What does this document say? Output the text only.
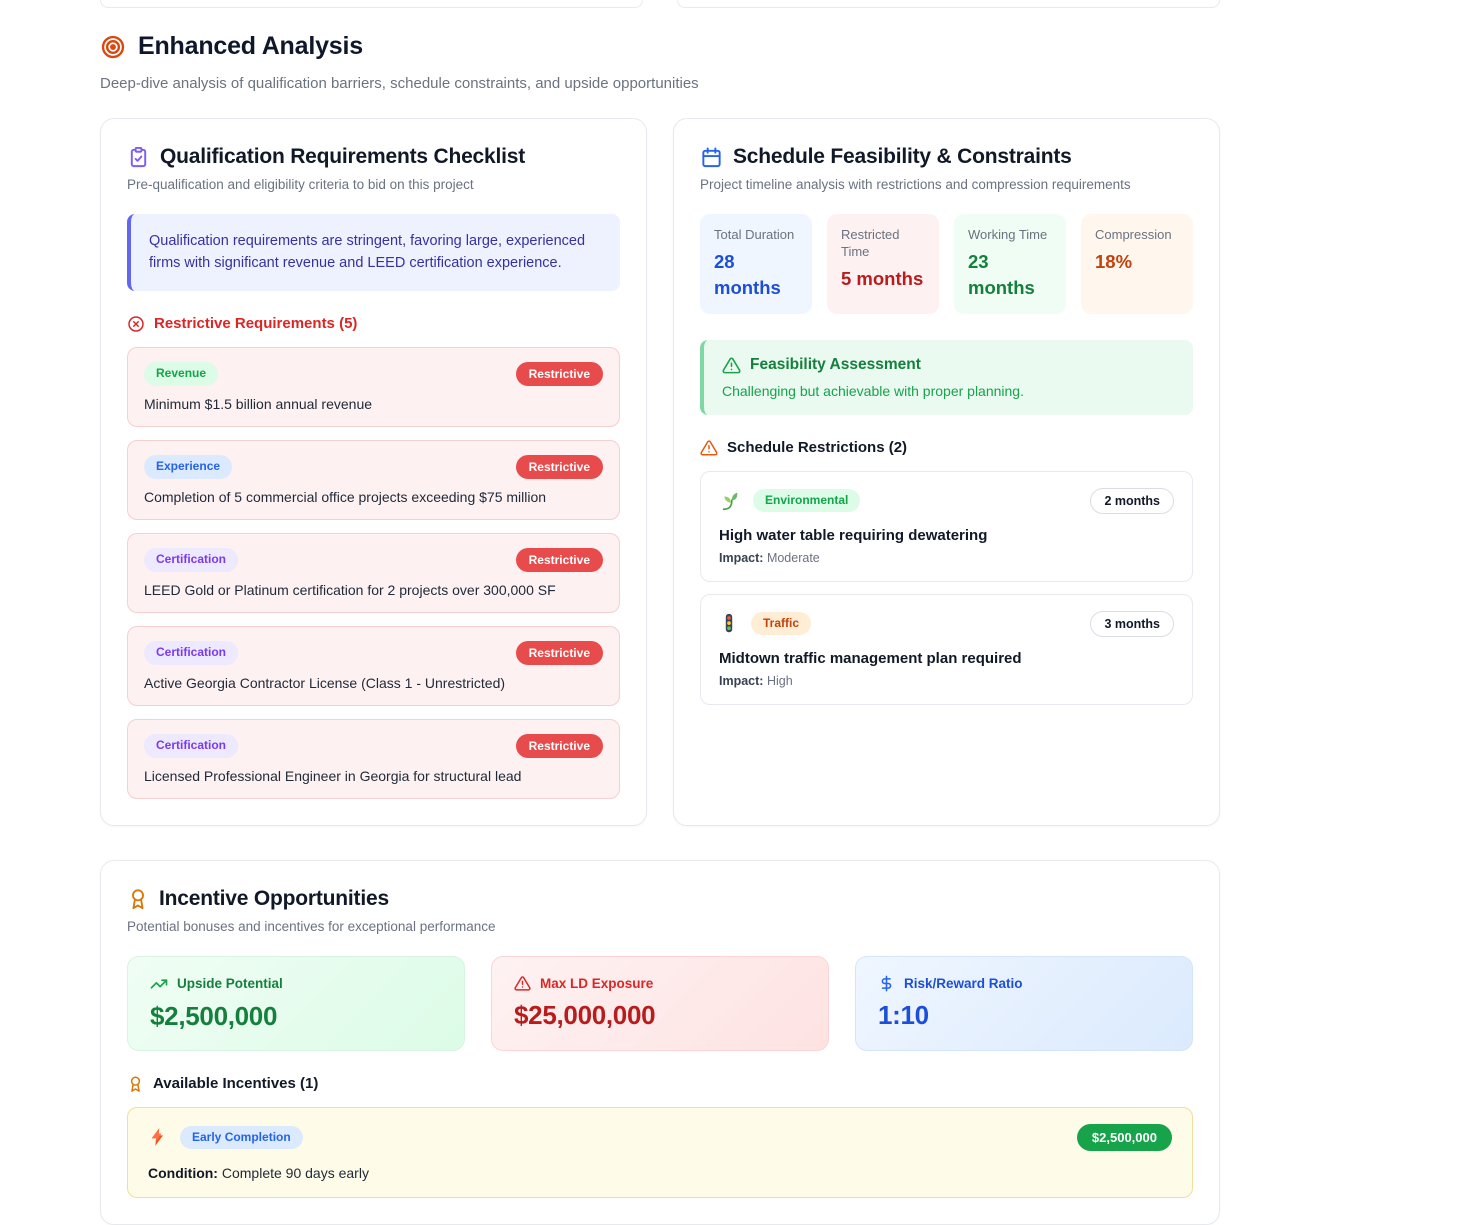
Enhanced Analysis

Deep-dive analysis of qualification barriers, schedule constraints, and upside opportunities

Qualification Requirements Checklist

Pre-qualification and eligibility criteria to bid on this project

Qualification requirements are stringent, favoring large, experienced firms with significant revenue and LEED certification experience.
Restrictive Requirements (5)
Revenue	Restrictive
Minimum $1.5 billion annual revenue
Experience	Restrictive
Completion of 5 commercial office projects exceeding $75 million
Certification	Restrictive
LEED Gold or Platinum certification for 2 projects over 300,000 SF
Certification	Restrictive
Active Georgia Contractor License (Class 1 - Unrestricted)
Certification	Restrictive
Licensed Professional Engineer in Georgia for structural lead
Schedule Feasibility & Constraints

Project timeline analysis with restrictions and compression requirements

Total Duration
28 months
Restricted Time
5 months
Working Time
23 months
Compression
18%
Feasibility Assessment
Challenging but achievable with proper planning.
Schedule Restrictions (2)
Environmental	2 months
High water table requiring dewatering
Impact: Moderate
Traffic	3 months
Midtown traffic management plan required
Impact: High
Incentive Opportunities

Potential bonuses and incentives for exceptional performance

Upside Potential
$2,500,000
Max LD Exposure
$25,000,000
Risk/Reward Ratio
1:10
Available Incentives (1)
Early Completion	$2,500,000
Condition: Complete 90 days early
